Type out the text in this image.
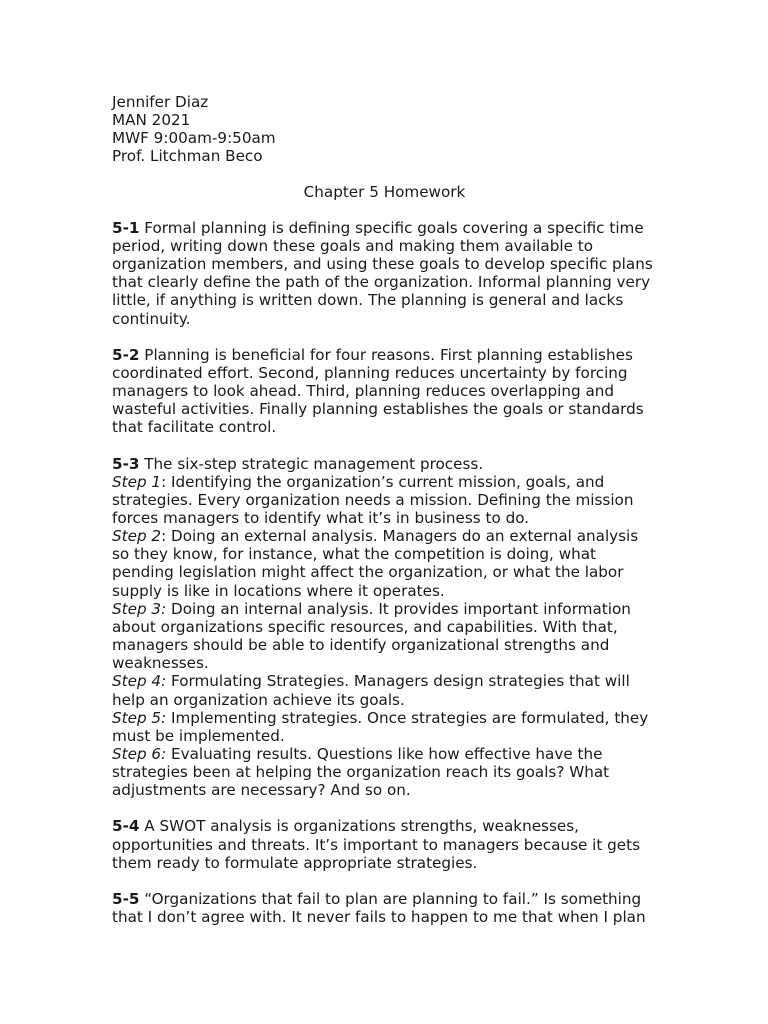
Jennifer Diaz
MAN 2021
MWF 9:00am-9:50am
Prof. Litchman Beco
Chapter 5 Homework
5-1 Formal planning is defining specific goals covering a specific time
period, writing down these goals and making them available to
organization members, and using these goals to develop specific plans
that clearly define the path of the organization. Informal planning very
little, if anything is written down. The planning is general and lacks
continuity.
5-2 Planning is beneficial for four reasons. First planning establishes
coordinated effort. Second, planning reduces uncertainty by forcing
managers to look ahead. Third, planning reduces overlapping and
wasteful activities. Finally planning establishes the goals or standards
that facilitate control.
5-3 The six-step strategic management process.
Step 1: Identifying the organization’s current mission, goals, and
strategies. Every organization needs a mission. Defining the mission
forces managers to identify what it’s in business to do.
Step 2: Doing an external analysis. Managers do an external analysis
so they know, for instance, what the competition is doing, what
pending legislation might affect the organization, or what the labor
supply is like in locations where it operates.
Step 3: Doing an internal analysis. It provides important information
about organizations specific resources, and capabilities. With that,
managers should be able to identify organizational strengths and
weaknesses.
Step 4: Formulating Strategies. Managers design strategies that will
help an organization achieve its goals.
Step 5: Implementing strategies. Once strategies are formulated, they
must be implemented.
Step 6: Evaluating results. Questions like how effective have the
strategies been at helping the organization reach its goals? What
adjustments are necessary? And so on.
5-4 A SWOT analysis is organizations strengths, weaknesses,
opportunities and threats. It’s important to managers because it gets
them ready to formulate appropriate strategies.
5-5 “Organizations that fail to plan are planning to fail.” Is something
that I don’t agree with. It never fails to happen to me that when I plan
